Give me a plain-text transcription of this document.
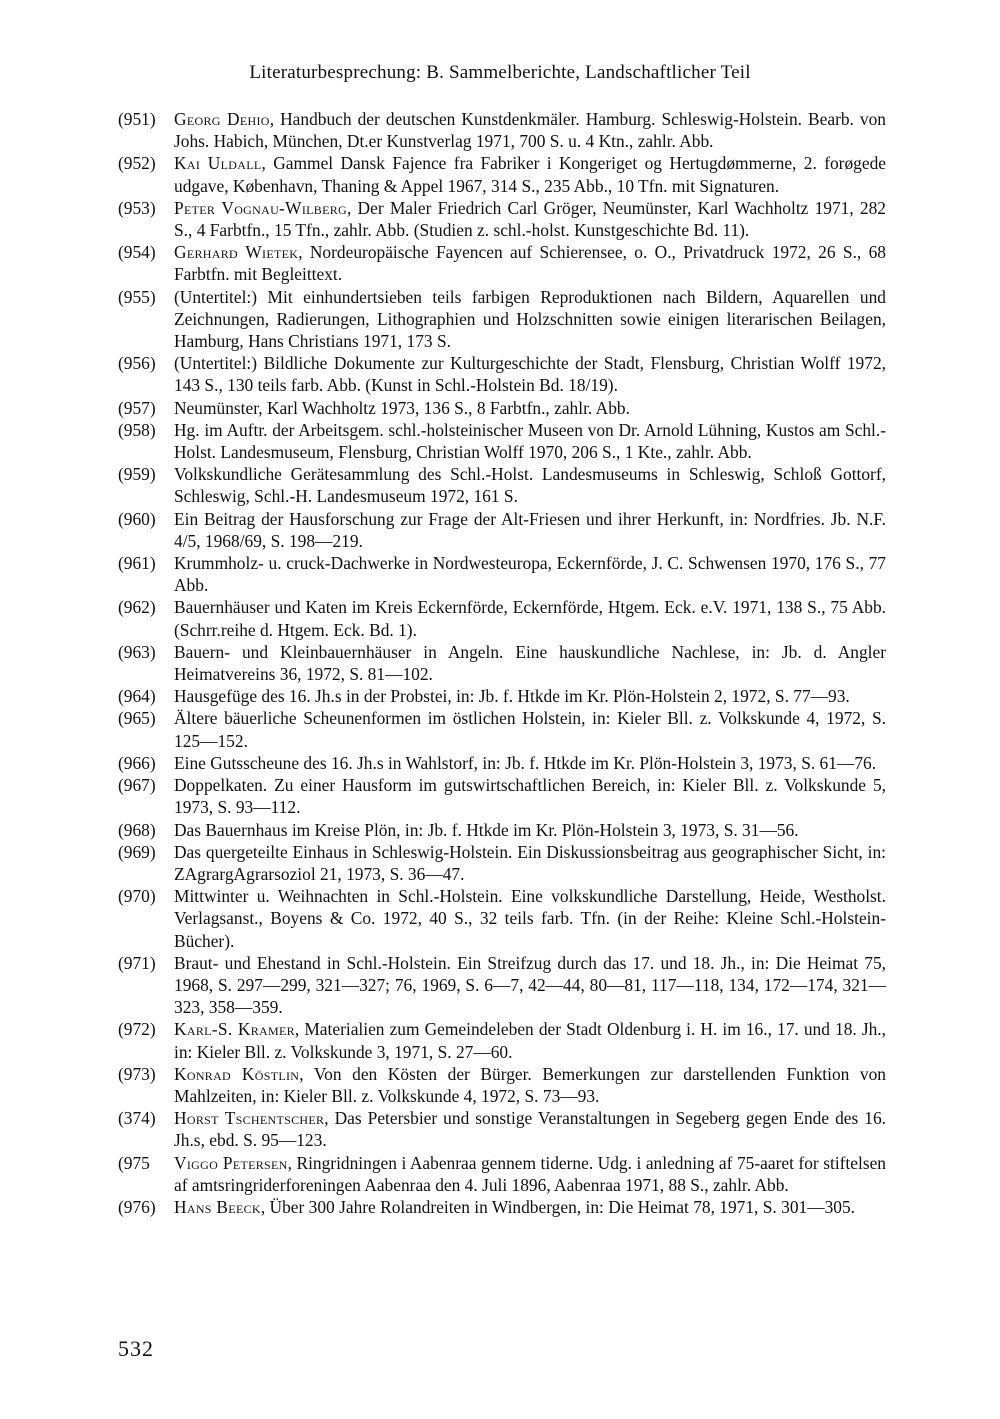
Literaturbesprechung: B. Sammelberichte, Landschaftlicher Teil
(951)	Georg Dehio, Handbuch der deutschen Kunstdenkmäler. Hamburg. Schleswig-Holstein. Bearb. von Johs. Habich, München, Dt.er Kunstverlag 1971, 700 S. u. 4 Ktn., zahlr. Abb.
(952)	Kai Uldall, Gammel Dansk Fajence fra Fabriker i Kongeriget og Hertugdømmerne, 2. forøgede udgave, København, Thaning & Appel 1967, 314 S., 235 Abb., 10 Tfn. mit Signaturen.
(953)	Peter Vognau-Wilberg, Der Maler Friedrich Carl Gröger, Neumünster, Karl Wachholtz 1971, 282 S., 4 Farbtfn., 15 Tfn., zahlr. Abb. (Studien z. schl.-holst. Kunstgeschichte Bd. 11).
(954)	Gerhard Wietek, Nordeuropäische Fayencen auf Schierensee, o. O., Privatdruck 1972, 26 S., 68 Farbtfn. mit Begleittext.
(955)	(Untertitel:) Mit einhundertsieben teils farbigen Reproduktionen nach Bildern, Aquarellen und Zeichnungen, Radierungen, Lithographien und Holzschnitten sowie einigen literarischen Beilagen, Hamburg, Hans Christians 1971, 173 S.
(956)	(Untertitel:) Bildliche Dokumente zur Kulturgeschichte der Stadt, Flensburg, Christian Wolff 1972, 143 S., 130 teils farb. Abb. (Kunst in Schl.-Holstein Bd. 18/19).
(957)	Neumünster, Karl Wachholtz 1973, 136 S., 8 Farbtfn., zahlr. Abb.
(958)	Hg. im Auftr. der Arbeitsgem. schl.-holsteinischer Museen von Dr. Arnold Lühning, Kustos am Schl.-Holst. Landesmuseum, Flensburg, Christian Wolff 1970, 206 S., 1 Kte., zahlr. Abb.
(959)	Volkskundliche Gerätesammlung des Schl.-Holst. Landesmuseums in Schleswig, Schloß Gottorf, Schleswig, Schl.-H. Landesmuseum 1972, 161 S.
(960)	Ein Beitrag der Hausforschung zur Frage der Alt-Friesen und ihrer Herkunft, in: Nordfries. Jb. N.F. 4/5, 1968/69, S. 198—219.
(961)	Krummholz- u. cruck-Dachwerke in Nordwesteuropa, Eckernförde, J. C. Schwensen 1970, 176 S., 77 Abb.
(962)	Bauernhäuser und Katen im Kreis Eckernförde, Eckernförde, Htgem. Eck. e.V. 1971, 138 S., 75 Abb. (Schrr.reihe d. Htgem. Eck. Bd. 1).
(963)	Bauern- und Kleinbauernhäuser in Angeln. Eine hauskundliche Nachlese, in: Jb. d. Angler Heimatvereins 36, 1972, S. 81—102.
(964)	Hausgefüge des 16. Jh.s in der Probstei, in: Jb. f. Htkde im Kr. Plön-Holstein 2, 1972, S. 77—93.
(965)	Ältere bäuerliche Scheunenformen im östlichen Holstein, in: Kieler Bll. z. Volkskunde 4, 1972, S. 125—152.
(966)	Eine Gutsscheune des 16. Jh.s in Wahlstorf, in: Jb. f. Htkde im Kr. Plön-Holstein 3, 1973, S. 61—76.
(967)	Doppelkaten. Zu einer Hausform im gutswirtschaftlichen Bereich, in: Kieler Bll. z. Volkskunde 5, 1973, S. 93—112.
(968)	Das Bauernhaus im Kreise Plön, in: Jb. f. Htkde im Kr. Plön-Holstein 3, 1973, S. 31—56.
(969)	Das quergeteilte Einhaus in Schleswig-Holstein. Ein Diskussionsbeitrag aus geographischer Sicht, in: ZAgrargAgrarsoziol 21, 1973, S. 36—47.
(970)	Mittwinter u. Weihnachten in Schl.-Holstein. Eine volkskundliche Darstellung, Heide, Westholst. Verlagsanst., Boyens & Co. 1972, 40 S., 32 teils farb. Tfn. (in der Reihe: Kleine Schl.-Holstein-Bücher).
(971)	Braut- und Ehestand in Schl.-Holstein. Ein Streifzug durch das 17. und 18. Jh., in: Die Heimat 75, 1968, S. 297—299, 321—327; 76, 1969, S. 6—7, 42—44, 80—81, 117—118, 134, 172—174, 321—323, 358—359.
(972)	Karl-S. Kramer, Materialien zum Gemeindeleben der Stadt Oldenburg i. H. im 16., 17. und 18. Jh., in: Kieler Bll. z. Volkskunde 3, 1971, S. 27—60.
(973)	Konrad Köstlin, Von den Kösten der Bürger. Bemerkungen zur darstellenden Funktion von Mahlzeiten, in: Kieler Bll. z. Volkskunde 4, 1972, S. 73—93.
(374)	Horst Tschentscher, Das Petersbier und sonstige Veranstaltungen in Segeberg gegen Ende des 16. Jh.s, ebd. S. 95—123.
(975	Viggo Petersen, Ringridningen i Aabenraa gennem tiderne. Udg. i anledning af 75-aaret for stiftelsen af amtsringriderforeningen Aabenraa den 4. Juli 1896, Aabenraa 1971, 88 S., zahlr. Abb.
(976)	Hans Beeck, Über 300 Jahre Rolandreiten in Windbergen, in: Die Heimat 78, 1971, S. 301—305.
532
